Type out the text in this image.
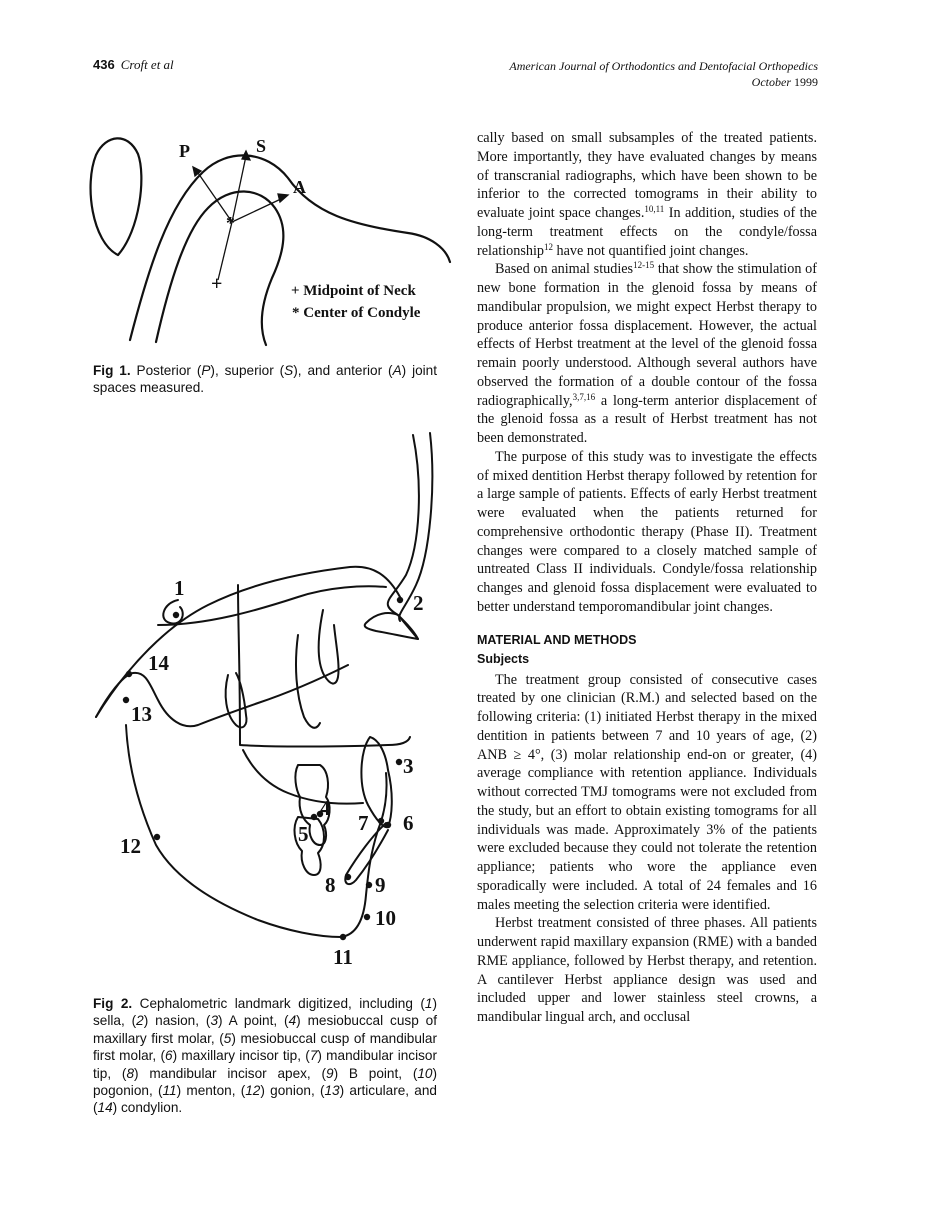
436 Croft et al	American Journal of Orthodontics and Dentofacial Orthopedics
October 1999
*
+
P	S
A
+ Midpoint of Neck
* Center of Condyle
Fig 1. Posterior (P), superior (S), and anterior (A) joint spaces measured.
1
2
3
4
5	6
7
8 9
10
11
12
13
14
Fig 2. Cephalometric landmark digitized, including (1) sella, (2) nasion, (3) A point, (4) mesiobuccal cusp of maxillary first molar, (5) mesiobuccal cusp of mandibular first molar, (6) maxillary incisor tip, (7) mandibular incisor tip, (8) mandibular incisor apex, (9) B point, (10) pogonion, (11) menton, (12) gonion, (13) articulare, and (14) condylion.

cally based on small subsamples of the treated patients. More importantly, they have evaluated changes by means of transcranial radiographs, which have been shown to be inferior to the corrected tomograms in their ability to evaluate joint space changes.$^{10,11}$ In addition, studies of the long-term treatment effects on the condyle/fossa relationship$^{12}$ have not quantified joint changes.

Based on animal studies$^{12-15}$ that show the stimulation of new bone formation in the glenoid fossa by means of mandibular propulsion, we might expect Herbst therapy to produce anterior fossa displacement. However, the actual effects of Herbst treatment at the level of the glenoid fossa remain poorly understood. Although several authors have observed the formation of a double contour of the fossa radiographically,$^{3,7,16}$ a long-term anterior displacement of the glenoid fossa as a result of Herbst treatment has not been demonstrated.

The purpose of this study was to investigate the effects of mixed dentition Herbst therapy followed by retention for a large sample of patients. Effects of early Herbst treatment were evaluated when the patients returned for comprehensive orthodontic therapy (Phase II). Treatment changes were compared to a closely matched sample of untreated Class II individuals. Condyle/fossa relationship changes and glenoid fossa displacement were evaluated to better understand temporomandibular joint changes.

MATERIAL AND METHODS
Subjects

The treatment group consisted of consecutive cases treated by one clinician (R.M.) and selected based on the following criteria: (1) initiated Herbst therapy in the mixed dentition in patients between 7 and 10 years of age, (2) ANB ≥ 4°, (3) molar relationship end-on or greater, (4) average compliance with retention appliance. Individuals without corrected TMJ tomograms were not excluded from the study, but an effort to obtain existing tomograms for all individuals was made. Approximately 3% of the patients were excluded because they could not tolerate the retention appliance; patients who wore the appliance even sporadically were included. A total of 24 females and 16 males meeting the selection criteria were identified.

Herbst treatment consisted of three phases. All patients underwent rapid maxillary expansion (RME) with a banded RME appliance, followed by Herbst therapy, and retention. A cantilever Herbst appliance design was used and included upper and lower stainless steel crowns, a mandibular lingual arch, and occlusal
